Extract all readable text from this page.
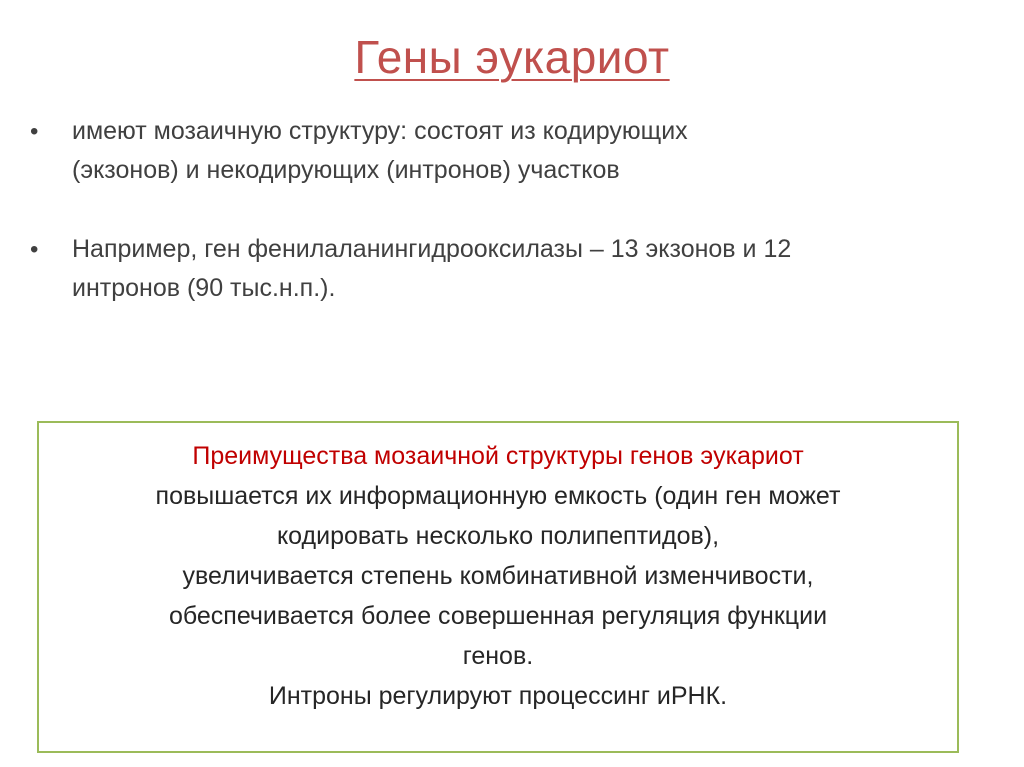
Гены эукариот
• имеют мозаичную структуру: состоят из кодирующих
(экзонов) и некодирующих (интронов) участков
• Например, ген фенилаланингидрооксилазы – 13 экзонов и 12
интронов (90 тыс.н.п.).
Преимущества мозаичной структуры генов эукариот
повышается их информационную емкость (один ген может
кодировать несколько полипептидов),
увеличивается степень комбинативной изменчивости,
обеспечивается более совершенная регуляция функции
генов.
Интроны регулируют процессинг иРНК.
